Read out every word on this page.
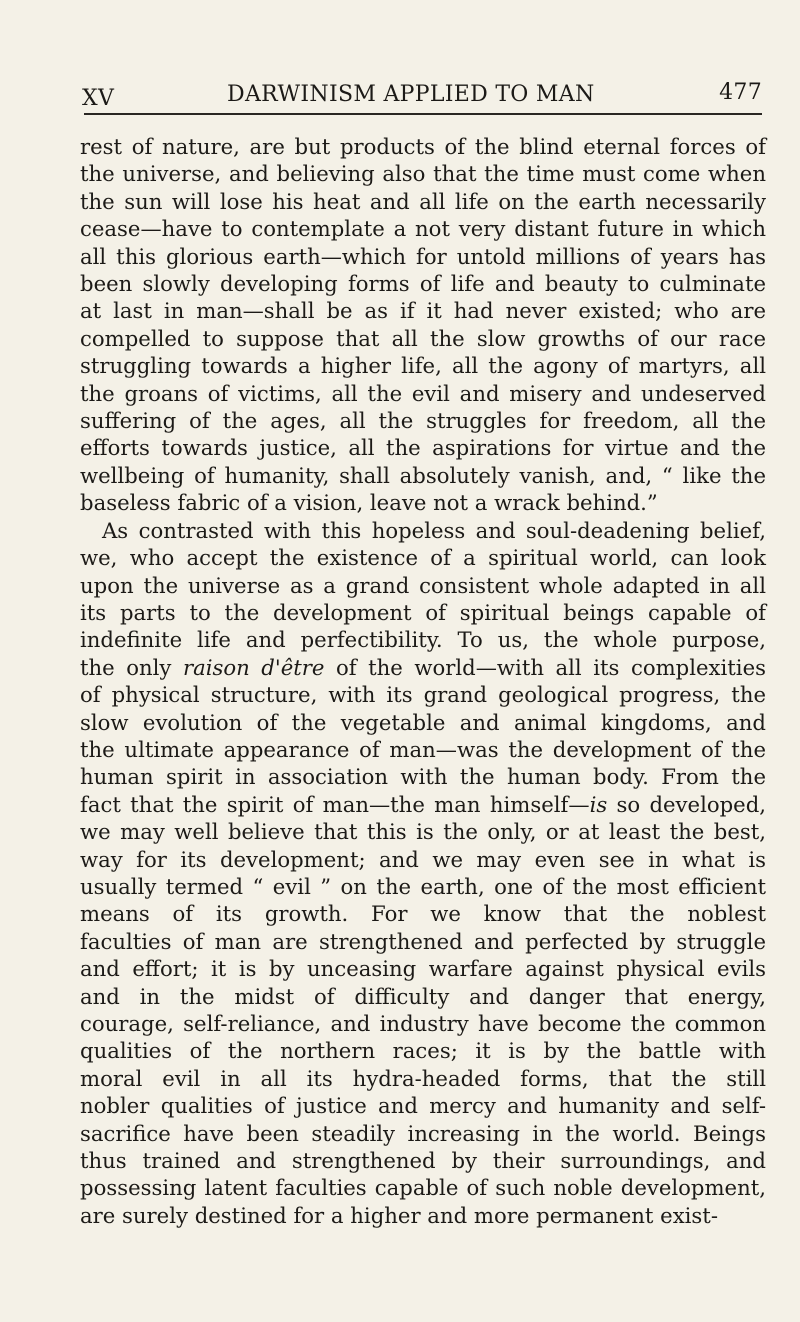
XV	DARWINISM APPLIED TO MAN	477
rest of nature, are but products of the blind eternal forces of
the universe, and believing also that the time must come when
the sun will lose his heat and all life on the earth necessarily
cease—have to contemplate a not very distant future in which
all this glorious earth—which for untold millions of years has
been slowly developing forms of life and beauty to culminate
at last in man—shall be as if it had never existed; who are
compelled to suppose that all the slow growths of our race
struggling towards a higher life, all the agony of martyrs, all
the groans of victims, all the evil and misery and undeserved
suffering of the ages, all the struggles for freedom, all the
efforts towards justice, all the aspirations for virtue and the
wellbeing of humanity, shall absolutely vanish, and, “ like the
baseless fabric of a vision, leave not a wrack behind.”
As contrasted with this hopeless and soul-deadening belief,
we, who accept the existence of a spiritual world, can look
upon the universe as a grand consistent whole adapted in all
its parts to the development of spiritual beings capable of
indefinite life and perfectibility. To us, the whole purpose,
the only raison d'être of the world—with all its complexities
of physical structure, with its grand geological progress, the
slow evolution of the vegetable and animal kingdoms, and
the ultimate appearance of man—was the development of the
human spirit in association with the human body. From the
fact that the spirit of man—the man himself—is so developed,
we may well believe that this is the only, or at least the best,
way for its development; and we may even see in what is
usually termed “ evil ” on the earth, one of the most efficient
means of its growth. For we know that the noblest
faculties of man are strengthened and perfected by struggle
and effort; it is by unceasing warfare against physical evils
and in the midst of difficulty and danger that energy,
courage, self-reliance, and industry have become the common
qualities of the northern races; it is by the battle with
moral evil in all its hydra-headed forms, that the still
nobler qualities of justice and mercy and humanity and self-
sacrifice have been steadily increasing in the world. Beings
thus trained and strengthened by their surroundings, and
possessing latent faculties capable of such noble development,
are surely destined for a higher and more permanent exist-
